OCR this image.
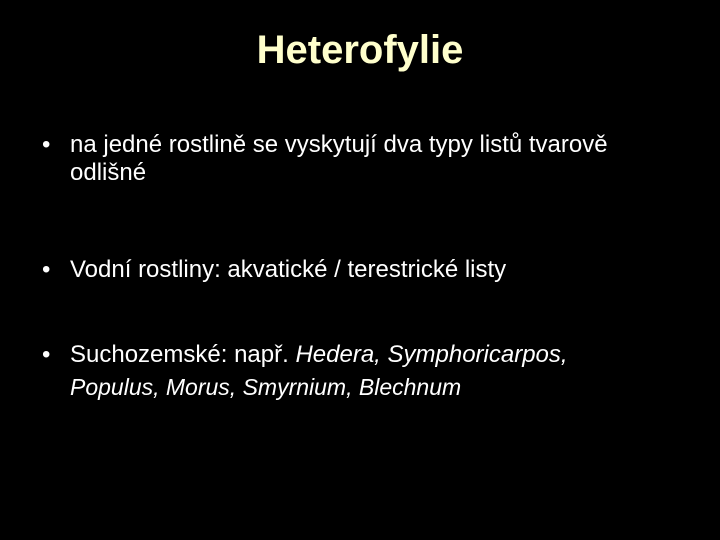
Heterofylie
• na jedné rostlině se vyskytují dva typy listů tvarově odlišné
• Vodní rostliny: akvatické / terestrické listy
• Suchozemské: např. Hedera, Symphoricarpos,
Populus, Morus, Smyrnium, Blechnum
